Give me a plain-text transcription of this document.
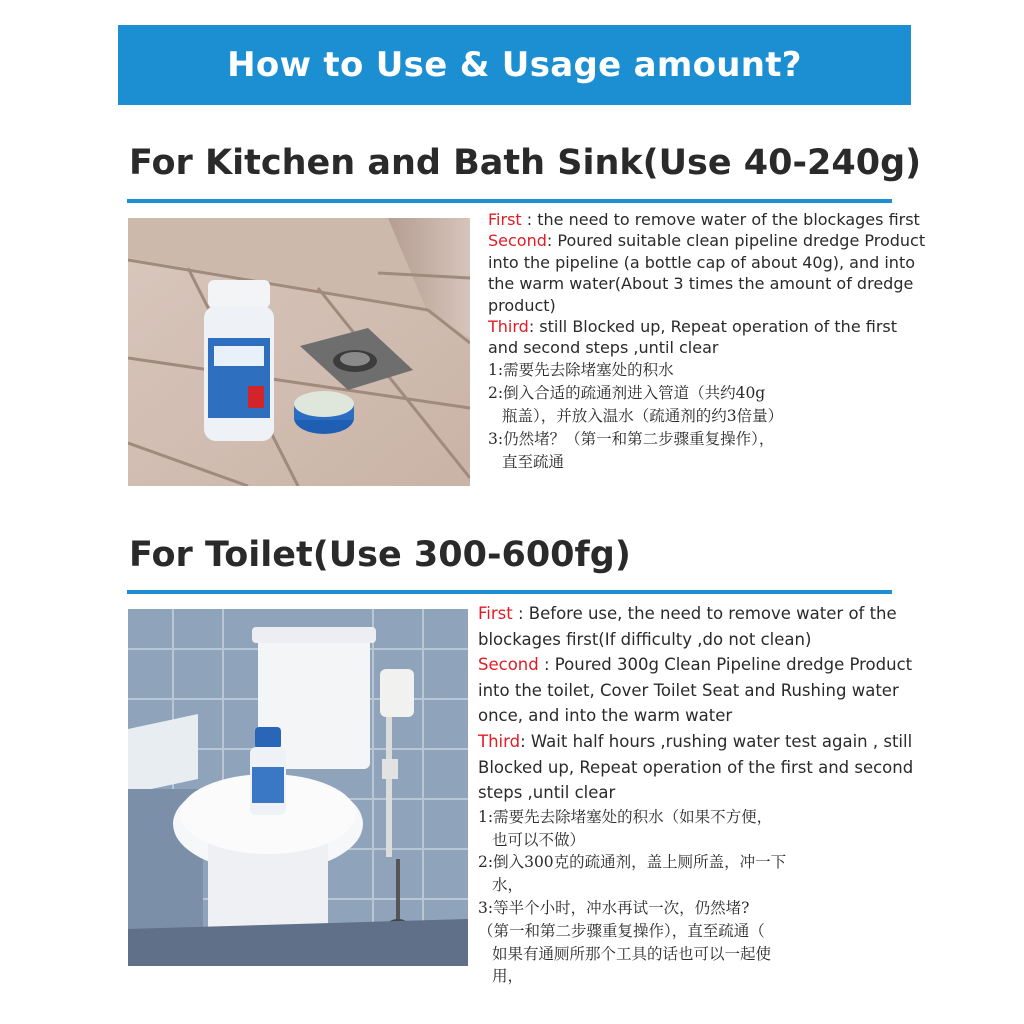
How to Use & Usage amount?
For Kitchen and Bath Sink(Use 40-240g)

First : the need to remove water of the blockages first

Second: Poured suitable clean pipeline dredge Product into the pipeline (a bottle cap of about 40g), and into the warm water(About 3 times the amount of dredge product)

Third: still Blocked up, Repeat operation of the first and second steps ,until clear

1:需要先去除堵塞处的积水

2:倒入合适的疏通剂进入管道（共约40g

瓶盖），并放入温水（疏通剂的约3倍量）

3:仍然堵？（第一和第二步骤重复操作），

直至疏通

For Toilet(Use 300-600fg)

First : Before use, the need to remove water of the blockages first(If difficulty ,do not clean)

Second : Poured 300g Clean Pipeline dredge Product into the toilet, Cover Toilet Seat and Rushing water once, and into the warm water

Third: Wait half hours ,rushing water test again , still Blocked up, Repeat operation of the first and second steps ,until clear

1:需要先去除堵塞处的积水（如果不方便，

也可以不做）

2:倒入300克的疏通剂，盖上厕所盖，冲一下

水，

3:等半个小时，冲水再试一次，仍然堵?

（第一和第二步骤重复操作），直至疏通（

如果有通厕所那个工具的话也可以一起使

用，
